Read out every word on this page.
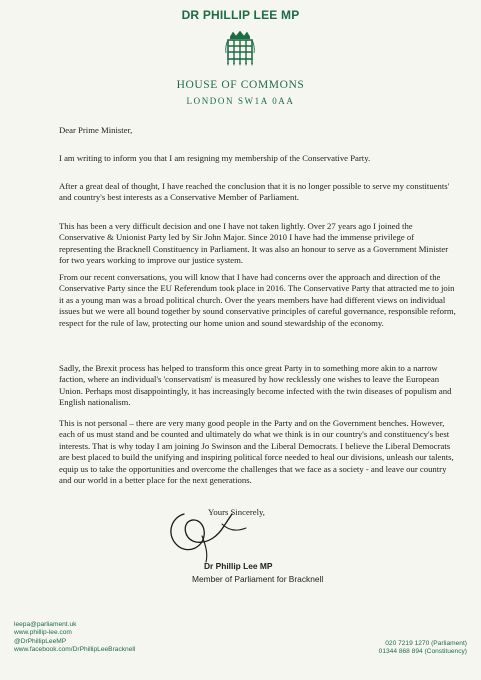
DR PHILLIP LEE MP
HOUSE OF COMMONS
LONDON SW1A 0AA
Dear Prime Minister,
I am writing to inform you that I am resigning my membership of the Conservative Party.
After a great deal of thought, I have reached the conclusion that it is no longer possible to serve my constituents' and country's best interests as a Conservative Member of Parliament.
This has been a very difficult decision and one I have not taken lightly. Over 27 years ago I joined the Conservative & Unionist Party led by Sir John Major. Since 2010 I have had the immense privilege of representing the Bracknell Constituency in Parliament. It was also an honour to serve as a Government Minister for two years working to improve our justice system.
From our recent conversations, you will know that I have had concerns over the approach and direction of the Conservative Party since the EU Referendum took place in 2016. The Conservative Party that attracted me to join it as a young man was a broad political church. Over the years members have had different views on individual issues but we were all bound together by sound conservative principles of careful governance, responsible reform, respect for the rule of law, protecting our home union and sound stewardship of the economy.
Sadly, the Brexit process has helped to transform this once great Party in to something more akin to a narrow faction, where an individual's 'conservatism' is measured by how recklessly one wishes to leave the European Union. Perhaps most disappointingly, it has increasingly become infected with the twin diseases of populism and English nationalism.
This is not personal – there are very many good people in the Party and on the Government benches. However, each of us must stand and be counted and ultimately do what we think is in our country's and constituency's best interests. That is why today I am joining Jo Swinson and the Liberal Democrats. I believe the Liberal Democrats are best placed to build the unifying and inspiring political force needed to heal our divisions, unleash our talents, equip us to take the opportunities and overcome the challenges that we face as a society - and leave our country and our world in a better place for the next generations.
Yours Sincerely,
Dr Phillip Lee MP
Member of Parliament for Bracknell
leepa@parliament.uk
www.phillip-lee.com
@DrPhillipLeeMP
www.facebook.com/DrPhillipLeeBracknell
020 7219 1270 (Parliament)
01344 868 894 (Constituency)
